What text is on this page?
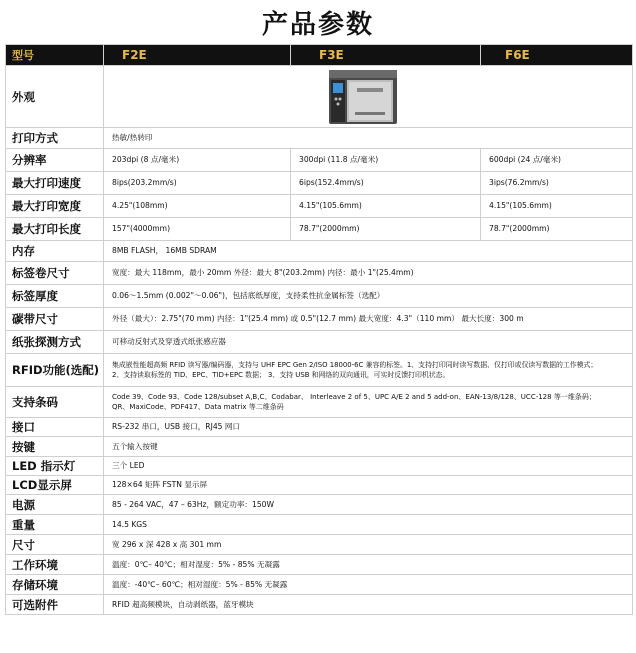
产品参数
型号	F2E	F3E	F6E
外观	

打印方式	热敏/热转印		
分辨率	203dpi (8 点/毫米)	300dpi (11.8 点/毫米)	600dpi (24 点/毫米)
最大打印速度	8ips(203.2mm/s)	6ips(152.4mm/s)	3ips(76.2mm/s)
最大打印宽度	4.25"(108mm)	4.15"(105.6mm)	4.15"(105.6mm)
最大打印长度	157"(4000mm)	78.7"(2000mm)	78.7"(2000mm)
内存	8MB FLASH， 16MB SDRAM		
标签卷尺寸	宽度：最大 118mm，最小 20mm 外径：最大 8"(203.2mm) 内径：最小 1"(25.4mm)		
标签厚度	0.06～1.5mm (0.002"～0.06")，包括底纸厚度，支持柔性抗金属标签（选配）		
碳带尺寸	外径（最大）：2.75"(70 mm) 内径：1"(25.4 mm) 或 0.5"(12.7 mm) 最大宽度：4.3"（110 mm） 最大长度：300 m		
纸张探测方式	可移动反射式及穿透式纸张感应器		
RFID功能(选配)	集成嵌性能超高频 RFID 读写器/编码器，支持与 UHF EPC Gen 2/ISO 18000-6C 兼容的标签。1、支持打印同时读写数据、仅打印或仅读写数据的工作模式；
2、支持读取标签的 TID、EPC、TID+EPC 数据； 3、支持 USB 和网络的双向通讯，可实时反馈打印机状态。		

支持条码	Code 39、Code 93、Code 128/subset A,B,C、Codabar、 Interleave 2 of 5、UPC A/E 2 and 5 add-on、EAN-13/8/128、UCC-128 等一维条码；
QR、MaxiCode、PDF417、Data matrix 等二维条码		

接口	RS-232 串口，USB 接口，RJ45 网口		
按键	五个输入按键		
LED 指示灯	三个 LED		
LCD显示屏	128×64 矩阵 FSTN 显示屏		
电源	85 - 264 VAC，47 – 63Hz，额定功率：150W		
重量	14.5 KGS		
尺寸	宽 296 x 深 428 x 高 301 mm		
工作环境	温度：0℃– 40℃；相对湿度：5% - 85% 无凝露		
存储环境	温度：-40℃– 60℃；相对湿度：5% - 85% 无凝露		
可选附件	RFID 超高频模块，自动剥纸器，蓝牙模块		
